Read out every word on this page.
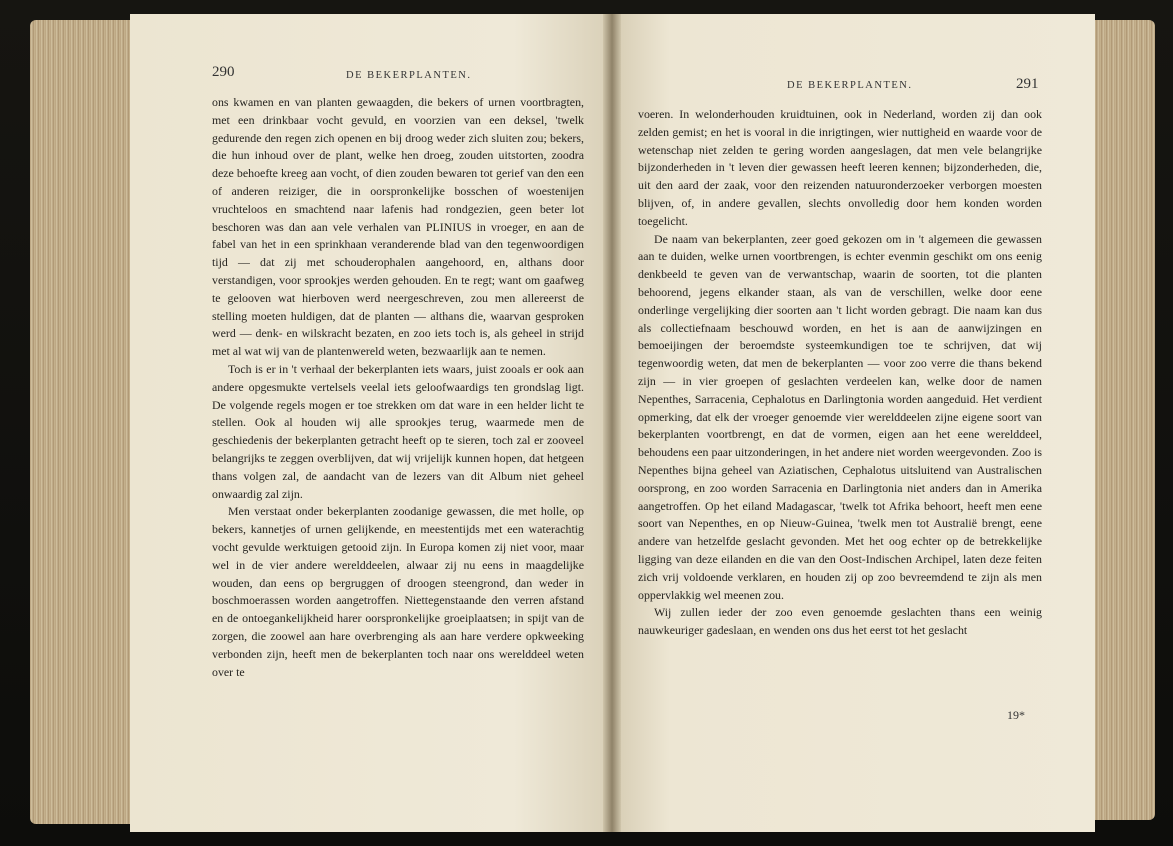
290	DE BEKERPLANTEN.

ons kwamen en van planten gewaagden, die bekers of urnen voortbragten, met een drinkbaar vocht gevuld, en voorzien van een deksel, 'twelk gedurende den regen zich openen en bij droog weder zich sluiten zou; bekers, die hun inhoud over de plant, welke hen droeg, zouden uitstorten, zoodra deze behoefte kreeg aan vocht, of dien zouden bewaren tot gerief van den een of anderen reiziger, die in oorspronkelijke bosschen of woestenijen vruchteloos en smachtend naar lafenis had rondgezien, geen beter lot beschoren was dan aan vele verhalen van PLINIUS in vroeger, en aan de fabel van het in een sprinkhaan veranderende blad van den tegenwoordigen tijd — dat zij met schouderophalen aangehoord, en, althans door verstandigen, voor sprookjes werden gehouden. En te regt; want om gaafweg te gelooven wat hierboven werd neergeschreven, zou men allereerst de stelling moeten huldigen, dat de planten — althans die, waarvan gesproken werd — denk- en wilskracht bezaten, en zoo iets toch is, als geheel in strijd met al wat wij van de plantenwereld weten, bezwaarlijk aan te nemen.

Toch is er in 't verhaal der bekerplanten iets waars, juist zooals er ook aan andere opgesmukte vertelsels veelal iets geloofwaardigs ten grondslag ligt. De volgende regels mogen er toe strekken om dat ware in een helder licht te stellen. Ook al houden wij alle sprookjes terug, waarmede men de geschiedenis der bekerplanten getracht heeft op te sieren, toch zal er zooveel belangrijks te zeggen overblijven, dat wij vrijelijk kunnen hopen, dat hetgeen thans volgen zal, de aandacht van de lezers van dit Album niet geheel onwaardig zal zijn.

Men verstaat onder bekerplanten zoodanige gewassen, die met holle, op bekers, kannetjes of urnen gelijkende, en meestentijds met een waterachtig vocht gevulde werktuigen getooid zijn. In Europa komen zij niet voor, maar wel in de vier andere werelddeelen, alwaar zij nu eens in maagdelijke wouden, dan eens op bergruggen of droogen steengrond, dan weder in boschmoerassen worden aangetroffen. Niettegenstaande den verren afstand en de ontoegankelijkheid harer oorspronkelijke groeiplaatsen; in spijt van de zorgen, die zoowel aan hare overbrenging als aan hare verdere opkweeking verbonden zijn, heeft men de bekerplanten toch naar ons werelddeel weten over te

DE BEKERPLANTEN.	291

voeren. In welonderhouden kruidtuinen, ook in Nederland, worden zij dan ook zelden gemist; en het is vooral in die inrigtingen, wier nuttigheid en waarde voor de wetenschap niet zelden te gering worden aangeslagen, dat men vele belangrijke bijzonderheden in 't leven dier gewassen heeft leeren kennen; bijzonderheden, die, uit den aard der zaak, voor den reizenden natuuronderzoeker verborgen moesten blijven, of, in andere gevallen, slechts onvolledig door hem konden worden toegelicht.

De naam van bekerplanten, zeer goed gekozen om in 't algemeen die gewassen aan te duiden, welke urnen voortbrengen, is echter evenmin geschikt om ons eenig denkbeeld te geven van de verwantschap, waarin de soorten, tot die planten behoorend, jegens elkander staan, als van de verschillen, welke door eene onderlinge vergelijking dier soorten aan 't licht worden gebragt. Die naam kan dus als collectiefnaam beschouwd worden, en het is aan de aanwijzingen en bemoeijingen der beroemdste systeemkundigen toe te schrijven, dat wij tegenwoordig weten, dat men de bekerplanten — voor zoo verre die thans bekend zijn — in vier groepen of geslachten verdeelen kan, welke door de namen Nepenthes, Sarracenia, Cephalotus en Darlingtonia worden aangeduid. Het verdient opmerking, dat elk der vroeger genoemde vier werelddeelen zijne eigene soort van bekerplanten voortbrengt, en dat de vormen, eigen aan het eene werelddeel, behoudens een paar uitzonderingen, in het andere niet worden weergevonden. Zoo is Nepenthes bijna geheel van Aziatischen, Cephalotus uitsluitend van Australischen oorsprong, en zoo worden Sarracenia en Darlingtonia niet anders dan in Amerika aangetroffen. Op het eiland Madagascar, 'twelk tot Afrika behoort, heeft men eene soort van Nepenthes, en op Nieuw-Guinea, 'twelk men tot Australië brengt, eene andere van hetzelfde geslacht gevonden. Met het oog echter op de betrekkelijke ligging van deze eilanden en die van den Oost-Indischen Archipel, laten deze feiten zich vrij voldoende verklaren, en houden zij op zoo bevreemdend te zijn als men oppervlakkig wel meenen zou.

Wij zullen ieder der zoo even genoemde geslachten thans een weinig nauwkeuriger gadeslaan, en wenden ons dus het eerst tot het geslacht

19*
